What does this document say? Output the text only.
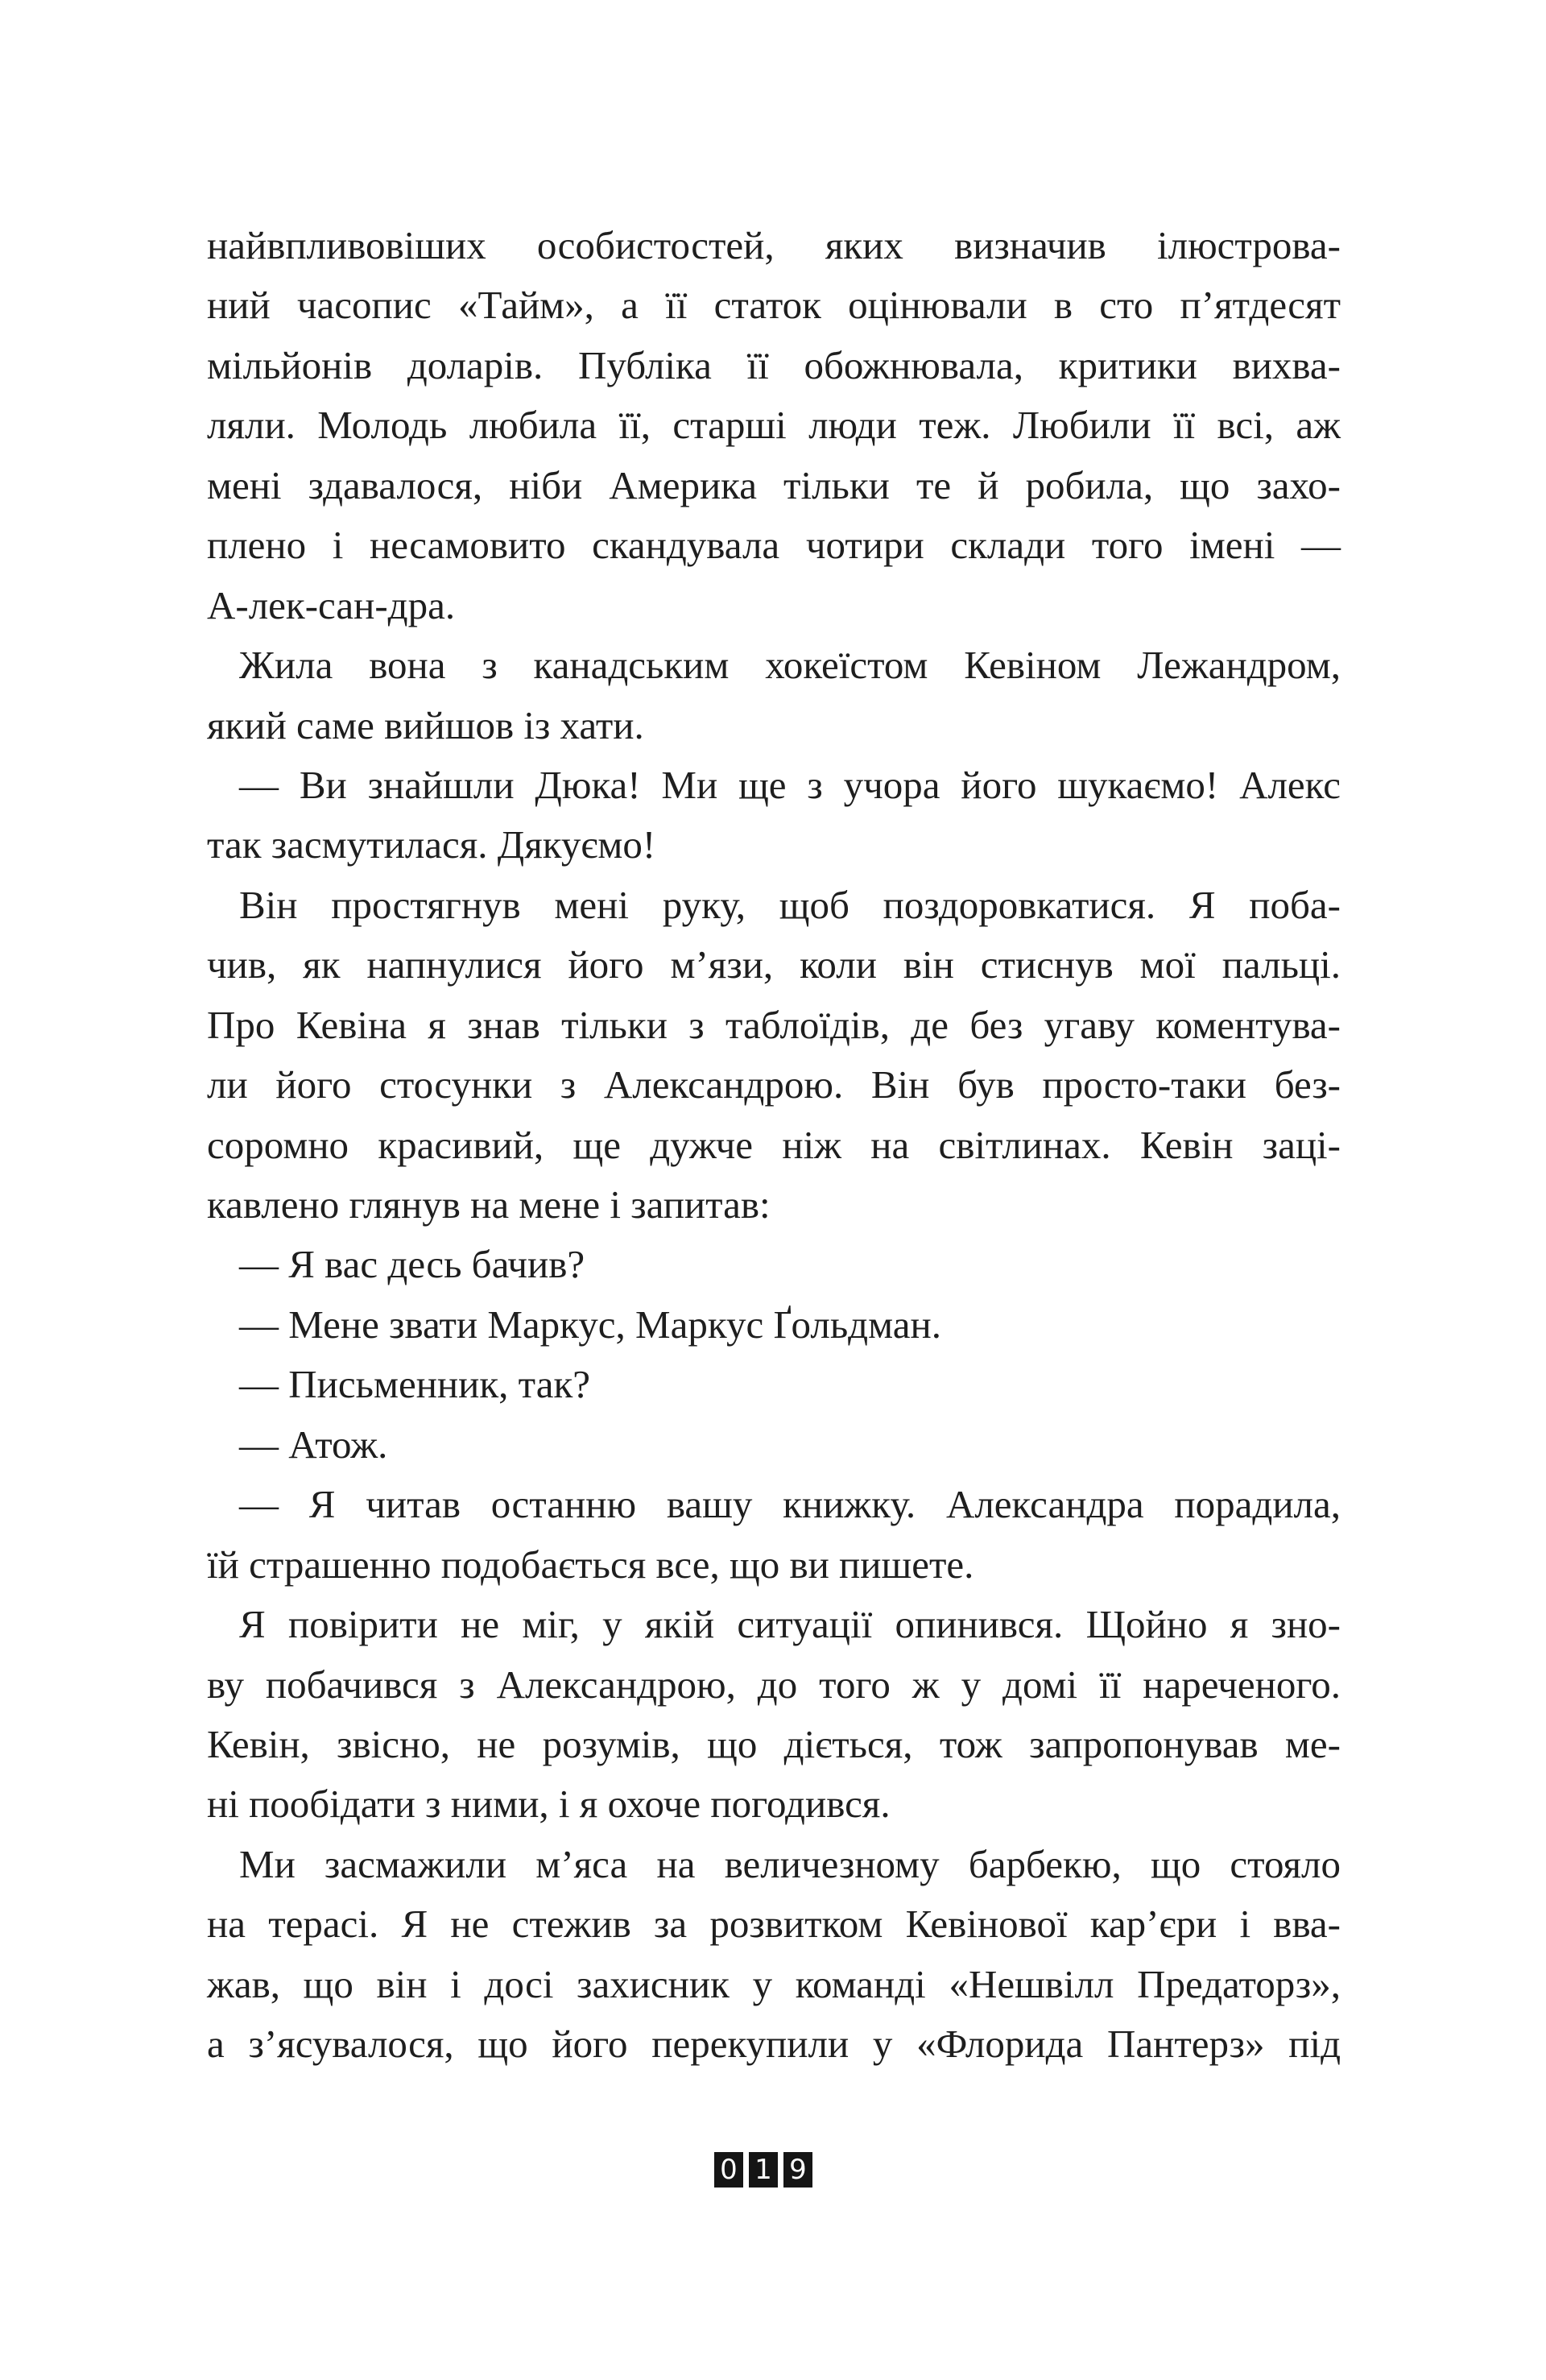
найвпливовіших особистостей, яких визначив ілюстрова-
ний часопис «Тайм», а її статок оцінювали в сто п’ятдесят
мільйонів доларів. Публіка її обожнювала, критики вихва-
ляли. Молодь любила її, старші люди теж. Любили її всі, аж
мені здавалося, ніби Америка тільки те й робила, що захо-
плено і несамовито скандувала чотири склади того імені —
А-лек-сан-дра.
Жила вона з канадським хокеїстом Кевіном Лежандром,
який саме вийшов із хати.
— Ви знайшли Дюка! Ми ще з учора його шукаємо! Алекс
так засмутилася. Дякуємо!
Він простягнув мені руку, щоб поздоровкатися. Я поба-
чив, як напнулися його м’язи, коли він стиснув мої пальці.
Про Кевіна я знав тільки з таблоїдів, де без угаву коментува-
ли його стосунки з Александрою. Він був просто-таки без-
соромно красивий, ще дужче ніж на світлинах. Кевін заці-
кавлено глянув на мене і запитав:
— Я вас десь бачив?
— Мене звати Маркус, Маркус Ґольдман.
— Письменник, так?
— Атож.
— Я читав останню вашу книжку. Александра порадила,
їй страшенно подобається все, що ви пишете.
Я повірити не міг, у якій ситуації опинився. Щойно я зно-
ву побачився з Александрою, до того ж у домі її нареченого.
Кевін, звісно, не розумів, що діється, тож запропонував ме-
ні пообідати з ними, і я охоче погодився.
Ми засмажили м’яса на величезному барбекю, що стояло
на терасі. Я не стежив за розвитком Кевінової кар’єри і вва-
жав, що він і досі захисник у команді «Нешвілл Предаторз»,
а з’ясувалося, що його перекупили у «Флорида Пантерз» під
0 1 9
